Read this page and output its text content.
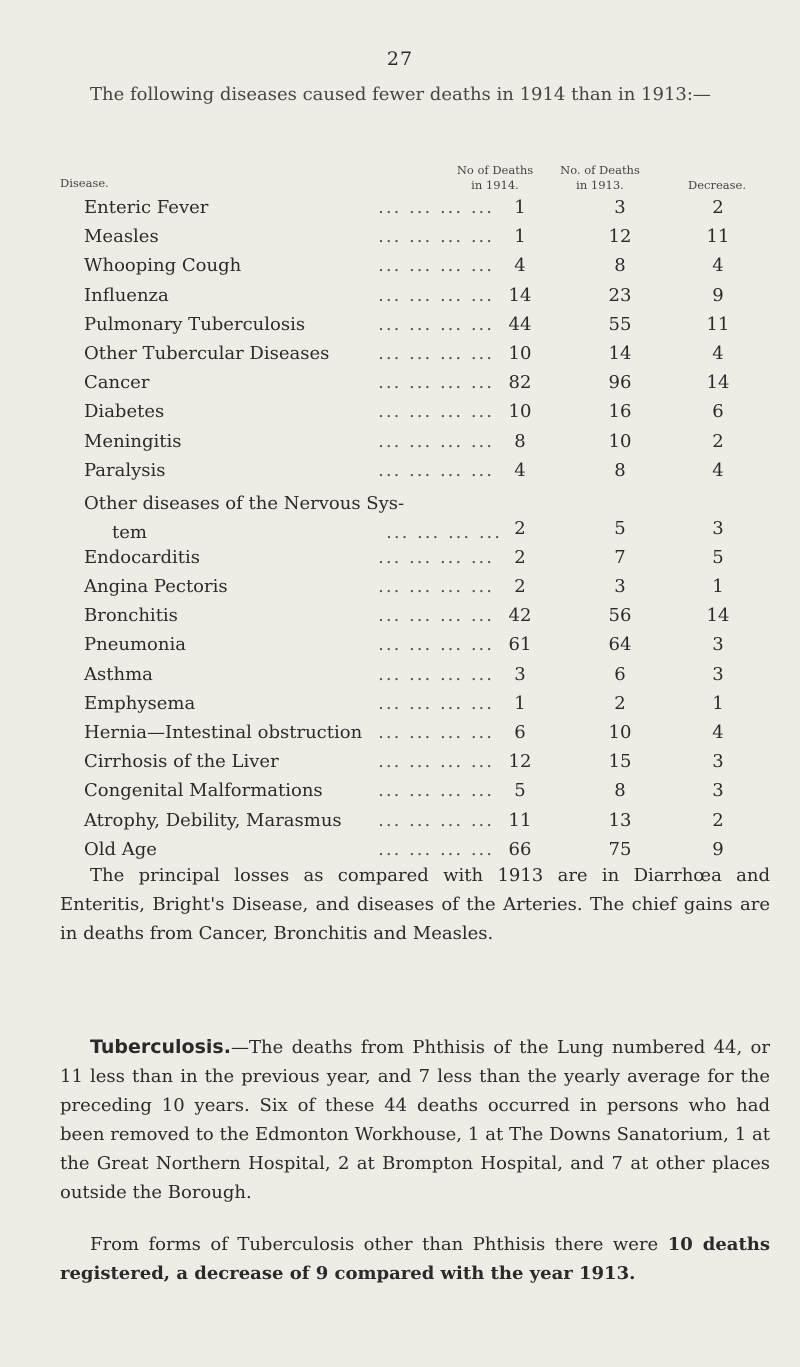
27
The following diseases caused fewer deaths in 1914 than in 1913:—
Disease.
No of Deaths
in 1914.
No. of Deaths
in 1913.	Decrease.
Enteric Fever	... ... ... ...	1	3	2
Measles	... ... ... ...	1	12	11
Whooping Cough	... ... ... ...	4	8	4
Influenza	... ... ... ... 14	23	9
Pulmonary Tuberculosis	... ... ... ... 44	55	11
Other Tubercular Diseases	... ... ... ... 10	14	4
Cancer	... ... ... ... 82	96	14
Diabetes	... ... ... ... 10	16	6
Meningitis	... ... ... ...	8	10	2
Paralysis	... ... ... ...	4	8	4
Other diseases of the Nervous Sys-
tem	... ... ... ... 2	5	3
Endocarditis	... ... ... ...	2	7	5
Angina Pectoris	... ... ... ...	2	3	1
Bronchitis	... ... ... ... 42	56	14
Pneumonia	... ... ... ... 61	64	3
Asthma	... ... ... ...	3	6	3
Emphysema	... ... ... ...	1	2	1
Hernia—Intestinal obstruction ... ... ... ...	6	10	4
Cirrhosis of the Liver	... ... ... ... 12	15	3
Congenital Malformations	... ... ... ...	5	8	3
Atrophy, Debility, Marasmus	... ... ... ... 11	13	2
Old Age	... ... ... ... 66	75	9
The principal losses as compared with 1913 are in Diarrhœa and Enteritis, Bright's Disease, and diseases of the Arteries. The chief gains are in deaths from Cancer, Bronchitis and Measles.
Tuberculosis.—The deaths from Phthisis of the Lung numbered 44, or 11 less than in the previous year, and 7 less than the yearly average for the preceding 10 years. Six of these 44 deaths occurred in persons who had been removed to the Edmonton Workhouse, 1 at The Downs Sanatorium, 1 at the Great Northern Hospital, 2 at Brompton Hospital, and 7 at other places outside the Borough.
From forms of Tuberculosis other than Phthisis there were 10 deaths registered, a decrease of 9 compared with the year 1913.
